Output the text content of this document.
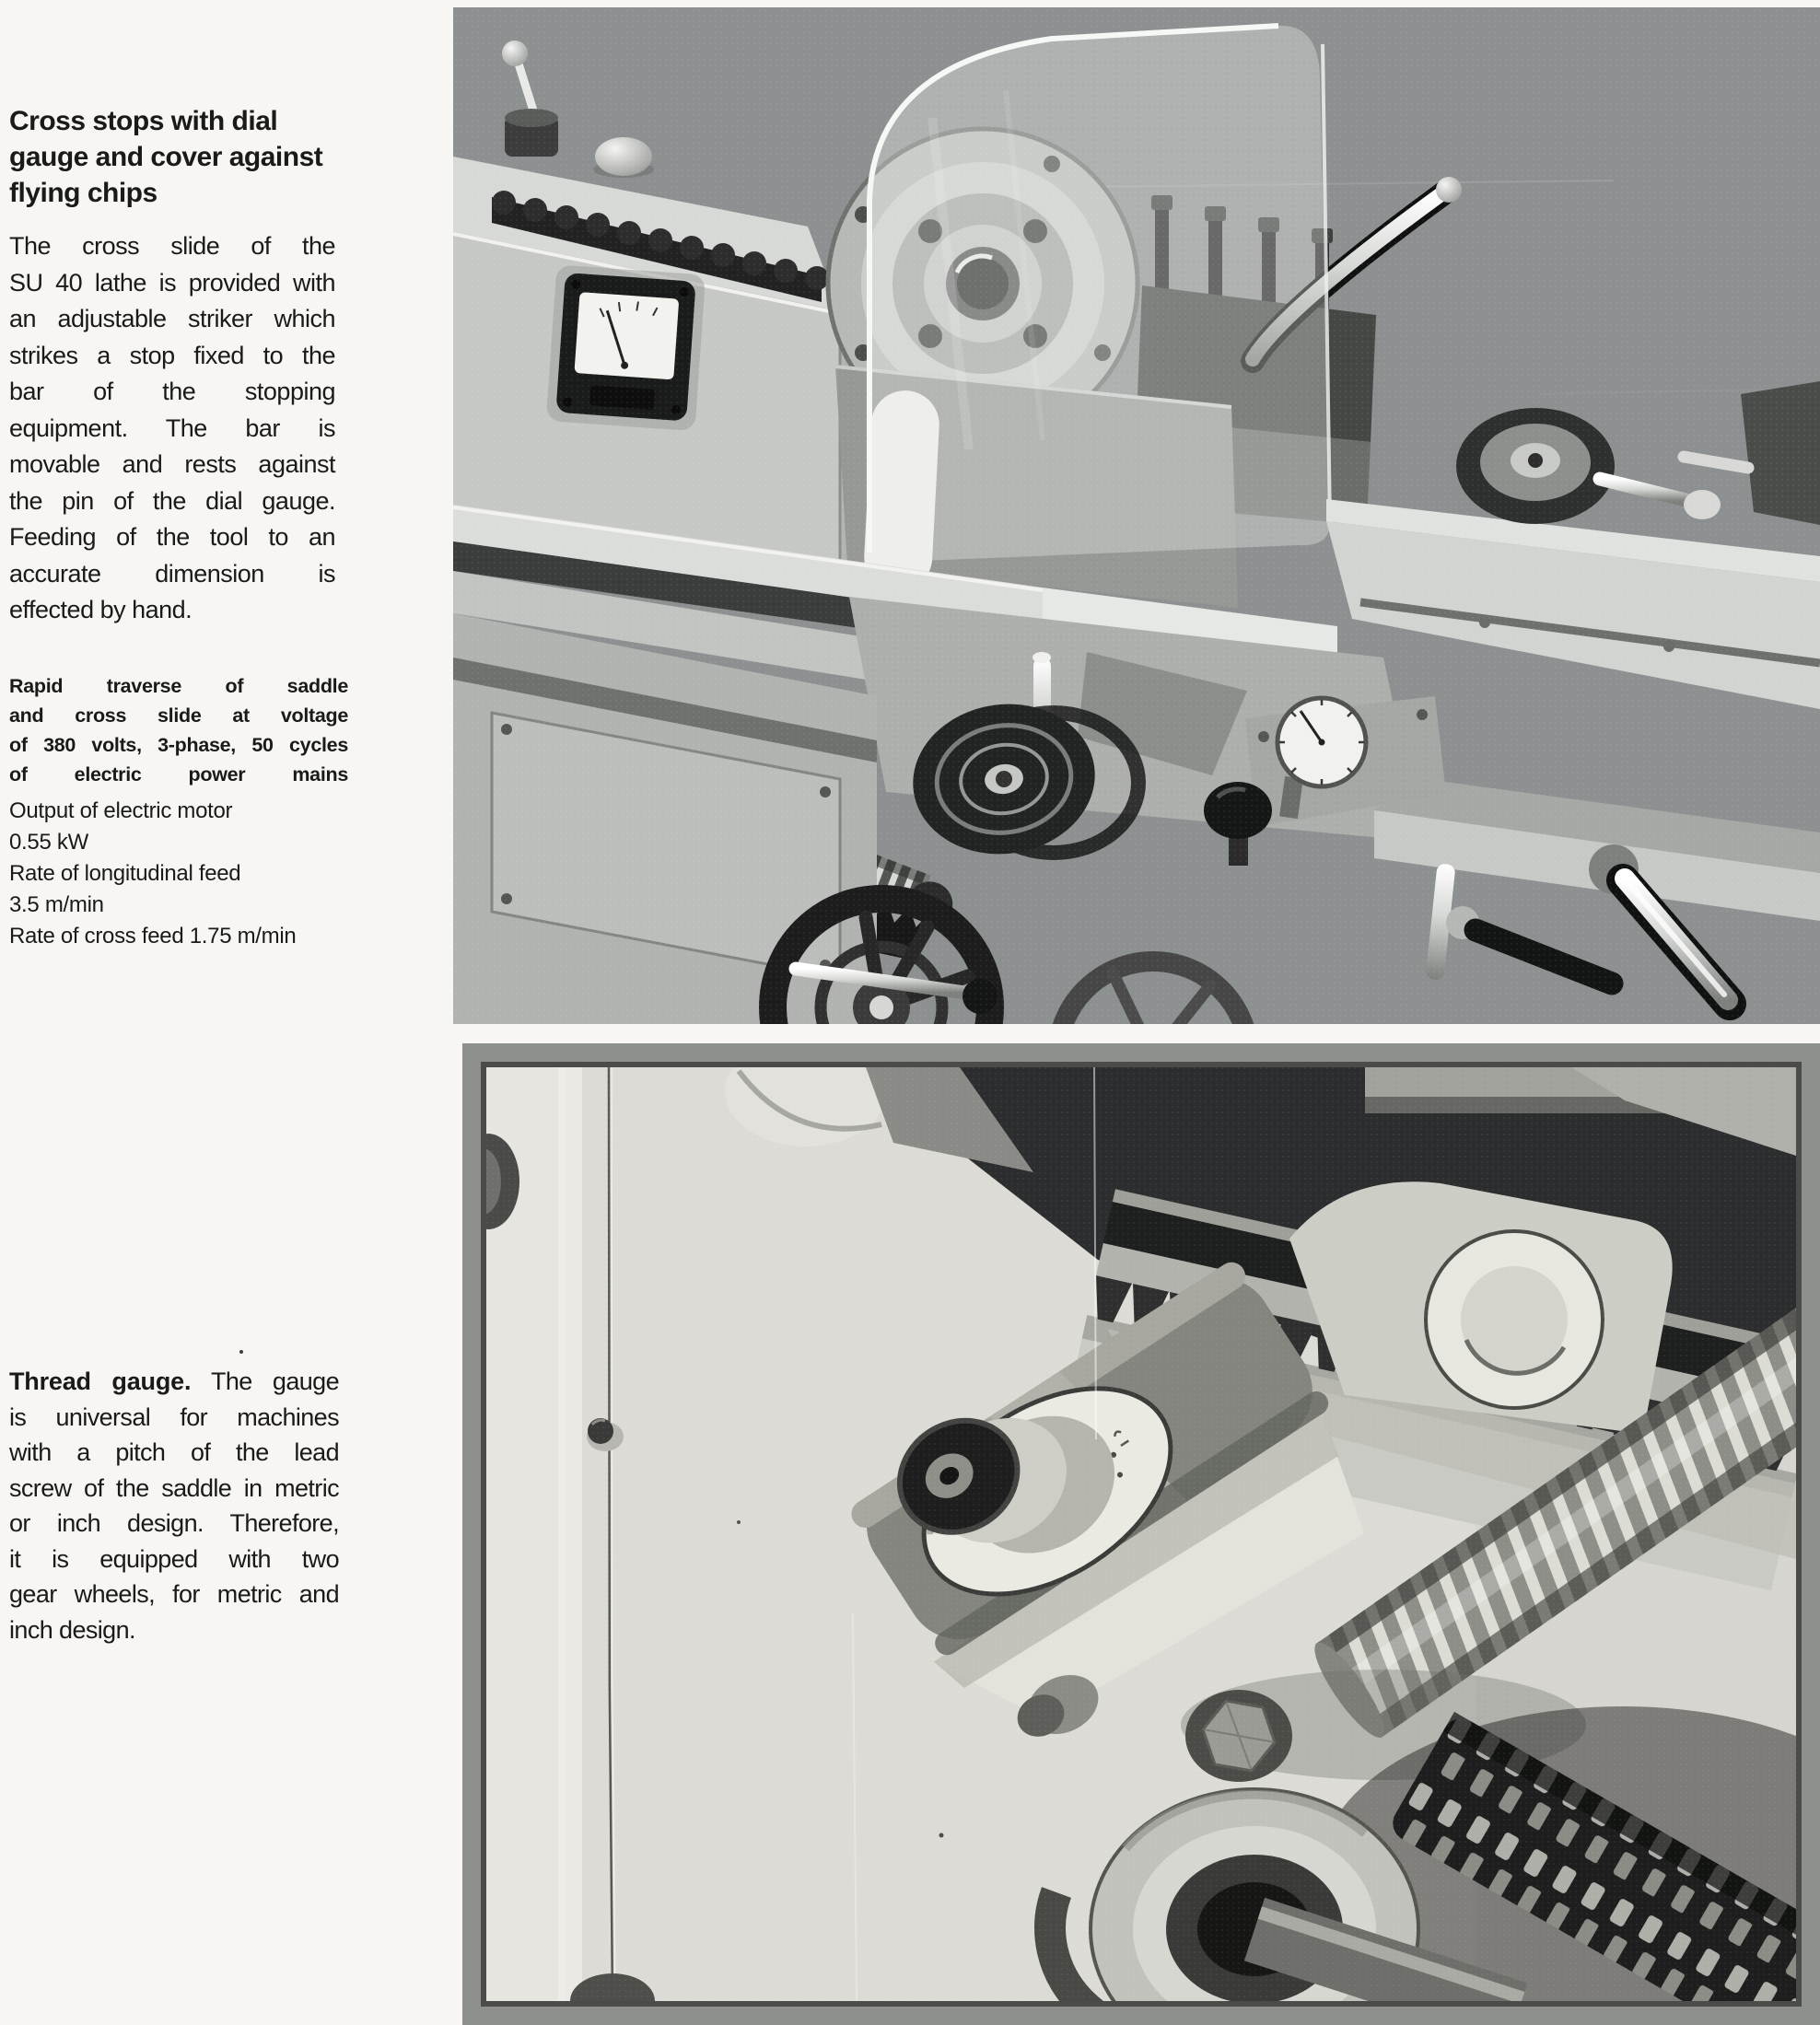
Cross stops with dial
gauge and cover against
flying chips
The cross slide of the
SU 40 lathe is provided with
an adjustable striker which
strikes a stop fixed to the
bar of the stopping
equipment. The bar is
movable and rests against
the pin of the dial gauge.
Feeding of the tool to an
accurate dimension is
effected by hand.
Rapid traverse of saddle
and cross slide at voltage
of 380 volts, 3-phase, 50 cycles
of electric power mains
Output of electric motor
0.55 kW
Rate of longitudinal feed
3.5 m/min
Rate of cross feed 1.75 m/min
Thread gauge. The gauge
is universal for machines
with a pitch of the lead
screw of the saddle in metric
or inch design. Therefore,
it is equipped with two
gear wheels, for metric and
inch design.
